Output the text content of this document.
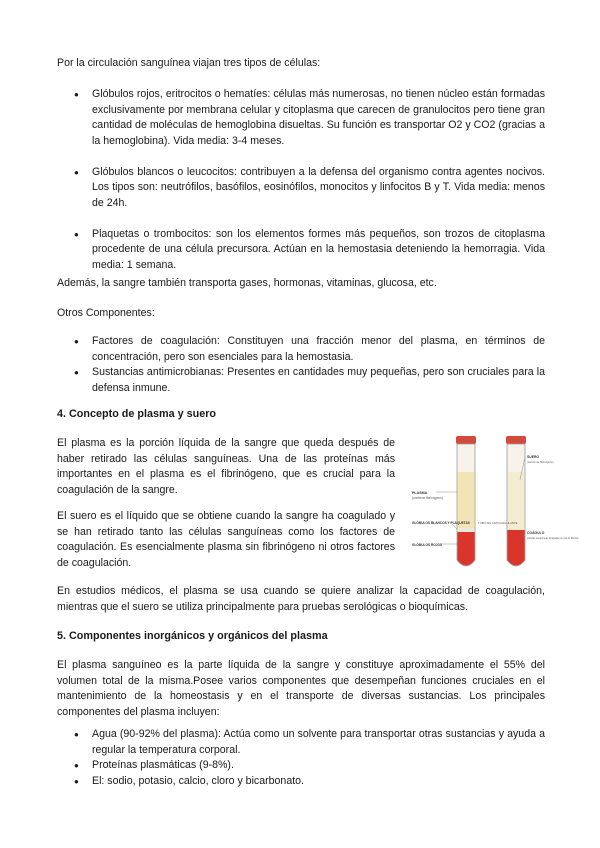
Por la circulación sanguínea viajan tres tipos de células:

● Glóbulos rojos, eritrocitos o hematíes: células más numerosas, no tienen núcleo están formadas exclusivamente por membrana celular y citoplasma que carecen de granulocitos pero tiene gran cantidad de moléculas de hemoglobina disueltas. Su función es transportar O2 y CO2 (gracias a la hemoglobina). Vida media: 3-4 meses.
● Glóbulos blancos o leucocitos: contribuyen a la defensa del organismo contra agentes nocivos. Los tipos son: neutrófilos, basófilos, eosinófilos, monocitos y linfocitos B y T. Vida media: menos de 24h.
● Plaquetas o trombocitos: son los elementos formes más pequeños, son trozos de citoplasma procedente de una célula precursora. Actúan en la hemostasia deteniendo la hemorragia. Vida media: 1 semana.

Además, la sangre también transporta gases, hormonas, vitaminas, glucosa, etc.

Otros Componentes:

● Factores de coagulación: Constituyen una fracción menor del plasma, en términos de concentración, pero son esenciales para la hemostasia.
● Sustancias antimicrobianas: Presentes en cantidades muy pequeñas, pero son cruciales para la defensa inmune.
4. Concepto de plasma y suero

El plasma es la porción líquida de la sangre que queda después de haber retirado las células sanguíneas. Una de las proteínas más importantes en el plasma es el fibrinógeno, que es crucial para la coagulación de la sangre.

El suero es el líquido que se obtiene cuando la sangre ha coagulado y se han retirado tanto las células sanguíneas como los factores de coagulación. Es esencialmente plasma sin fibrinógeno ni otros factores de coagulación.

PLASMA
(contiene fibrinógeno)
GLÓBULOS BLANCOS Y PLAQUETAS
GLÓBULOS ROJOS
TUBO SIN ANTICOAGULANTE
SUERO
(carece de fibrinógeno)
COÁGULO
(células sanguíneas atrapadas en red de fibrina)

En estudios médicos, el plasma se usa cuando se quiere analizar la capacidad de coagulación, mientras que el suero se utiliza principalmente para pruebas serológicas o bioquímicas.

5. Componentes inorgánicos y orgánicos del plasma

El plasma sanguíneo es la parte líquida de la sangre y constituye aproximadamente el 55% del volumen total de la misma.Posee varios componentes que desempeñan funciones cruciales en el mantenimiento de la homeostasis y en el transporte de diversas sustancias. Los principales componentes del plasma incluyen:

● Agua (90-92% del plasma): Actúa como un solvente para transportar otras sustancias y ayuda a regular la temperatura corporal.
● Proteínas plasmáticas (9-8%).
● El: sodio, potasio, calcio, cloro y bicarbonato.
